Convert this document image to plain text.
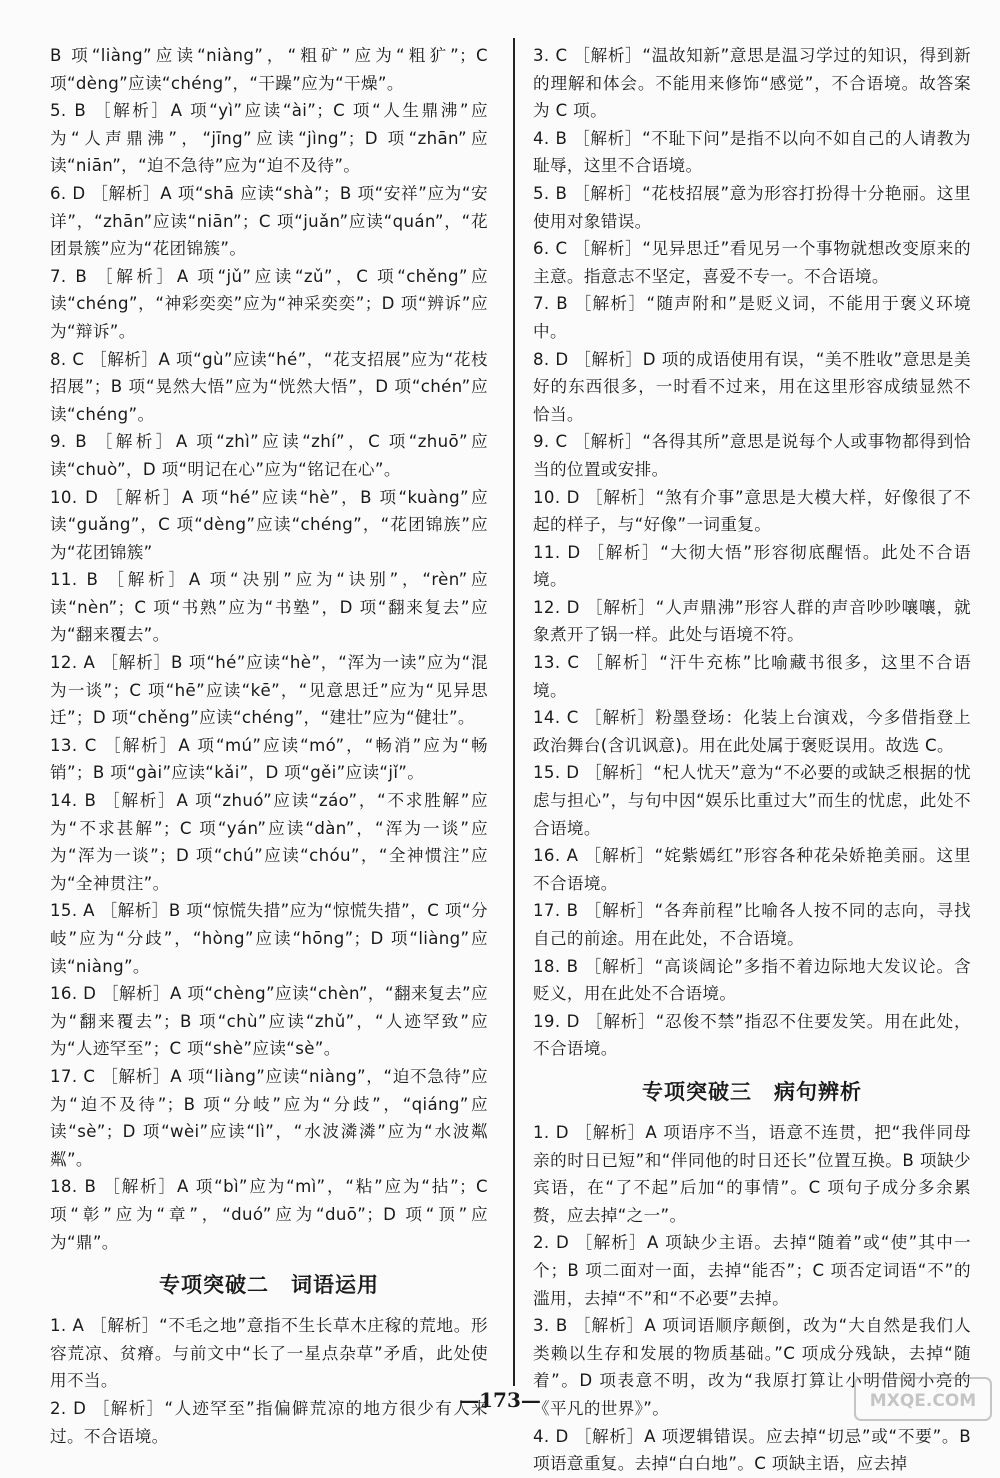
B 项“liàng”应读“niàng”，“粗矿”应为“粗犷”；C 项“dèng”应读“chéng”，“干躁”应为“干燥”。

5. B ［解析］A 项“yì”应读“ài”；C 项“人生鼎沸”应为“人声鼎沸”，“jīng”应读“jìng”；D 项“zhān”应读“niān”，“迫不急待”应为“迫不及待”。

6. D ［解析］A 项“shā 应读“shà”；B 项“安祥”应为“安详”，“zhān”应读“niān”；C 项“juǎn”应读“quán”，“花团景簇”应为“花团锦簇”。

7. B ［解析］A 项“jǔ”应读“zǔ”，C 项“chěng”应读“chéng”，“神彩奕奕”应为“神采奕奕”；D 项“辨诉”应为“辩诉”。

8. C ［解析］A 项“gù”应读“hé”，“花支招展”应为“花枝招展”；B 项“晃然大悟”应为“恍然大悟”，D 项“chén”应读“chéng”。

9. B ［解析］A 项“zhì”应读“zhí”，C 项“zhuō”应读“chuò”，D 项“明记在心”应为“铭记在心”。

10. D ［解析］A 项“hé”应读“hè”，B 项“kuàng”应读“guǎng”，C 项“dèng”应读“chéng”，“花团锦族”应为“花团锦簇”

11. B ［解析］A 项“决别”应为“诀别”，“rèn”应读“nèn”；C 项“书熟”应为“书塾”，D 项“翻来复去”应为“翻来覆去”。

12. A ［解析］B 项“hé”应读“hè”，“浑为一读”应为“混为一谈”；C 项“hē”应读“kē”，“见意思迁”应为“见异思迁”；D 项“chěng”应读“chéng”，“建壮”应为“健壮”。

13. C ［解析］A 项“mú”应读“mó”，“畅消”应为“畅销”；B 项“gài”应读“kǎi”，D 项“gěi”应读“jǐ”。

14. B ［解析］A 项“zhuó”应读“záo”，“不求胜解”应为“不求甚解”；C 项“yán”应读“dàn”，“浑为一谈”应为“浑为一谈”；D 项“chú”应读“chóu”，“全神惯注”应为“全神贯注”。

15. A ［解析］B 项“惊慌失措”应为“惊慌失措”，C 项“分岐”应为“分歧”，“hòng”应读“hōng”；D 项“liàng”应读“niàng”。

16. D ［解析］A 项“chèng”应读“chèn”，“翻来复去”应为“翻来覆去”；B 项“chù”应读“zhǔ”，“人迹罕致”应为“人迹罕至”；C 项“shè”应读“sè”。

17. C ［解析］A 项“liàng”应读“niàng”，“迫不急待”应为“迫不及待”；B 项“分岐”应为“分歧”，“qiáng”应读“sè”；D 项“wèi”应读“lì”，“水波潾潾”应为“水波粼粼”。

18. B ［解析］A 项“bì”应为“mì”，“粘”应为“拈”；C 项“彰”应为“章”，“duó”应为“duō”；D 项“顶”应为“鼎”。

专项突破二　词语运用

1. A ［解析］“不毛之地”意指不生长草木庄稼的荒地。形容荒凉、贫瘠。与前文中“长了一星点杂草”矛盾，此处使用不当。

2. D ［解析］“人迹罕至”指偏僻荒凉的地方很少有人来过。不合语境。

3. C ［解析］“温故知新”意思是温习学过的知识，得到新的理解和体会。不能用来修饰“感觉”，不合语境。故答案为 C 项。

4. B ［解析］“不耻下问”是指不以向不如自己的人请教为耻辱，这里不合语境。

5. B ［解析］“花枝招展”意为形容打扮得十分艳丽。这里使用对象错误。

6. C ［解析］“见异思迁”看见另一个事物就想改变原来的主意。指意志不坚定，喜爱不专一。不合语境。

7. B ［解析］“随声附和”是贬义词，不能用于褒义环境中。

8. D ［解析］D 项的成语使用有误，“美不胜收”意思是美好的东西很多，一时看不过来，用在这里形容成绩显然不恰当。

9. C ［解析］“各得其所”意思是说每个人或事物都得到恰当的位置或安排。

10. D ［解析］“煞有介事”意思是大模大样，好像很了不起的样子，与“好像”一词重复。

11. D ［解析］“大彻大悟”形容彻底醒悟。此处不合语境。

12. D ［解析］“人声鼎沸”形容人群的声音吵吵嚷嚷，就象煮开了锅一样。此处与语境不符。

13. C ［解析］“汗牛充栋”比喻藏书很多，这里不合语境。

14. C ［解析］粉墨登场：化装上台演戏，今多借指登上政治舞台(含讥讽意)。用在此处属于褒贬误用。故选 C。

15. D ［解析］“杞人忧天”意为“不必要的或缺乏根据的忧虑与担心”，与句中因“娱乐比重过大”而生的忧虑，此处不合语境。

16. A ［解析］“姹紫嫣红”形容各种花朵娇艳美丽。这里不合语境。

17. B ［解析］“各奔前程”比喻各人按不同的志向，寻找自己的前途。用在此处，不合语境。

18. B ［解析］“高谈阔论”多指不着边际地大发议论。含贬义，用在此处不合语境。

19. D ［解析］“忍俊不禁”指忍不住要发笑。用在此处，不合语境。

专项突破三　病句辨析

1. D ［解析］A 项语序不当，语意不连贯，把“我伴同母亲的时日已短”和“伴同他的时日还长”位置互换。B 项缺少宾语，在“了不起”后加“的事情”。C 项句子成分多余累赘，应去掉“之一”。

2. D ［解析］A 项缺少主语。去掉“随着”或“使”其中一个；B 项二面对一面，去掉“能否”；C 项否定词语“不”的滥用，去掉“不”和“不必要”去掉。

3. B ［解析］A 项词语顺序颠倒，改为“大自然是我们人类赖以生存和发展的物质基础。”C 项成分残缺，去掉“随着”。D 项表意不明，改为“我原打算让小明借阅小亮的《平凡的世界》”。

4. D ［解析］A 项逻辑错误。应去掉“切忌”或“不要”。B 项语意重复。去掉“白白地”。C 项缺主语，应去掉

—173—	MXQE.COM
